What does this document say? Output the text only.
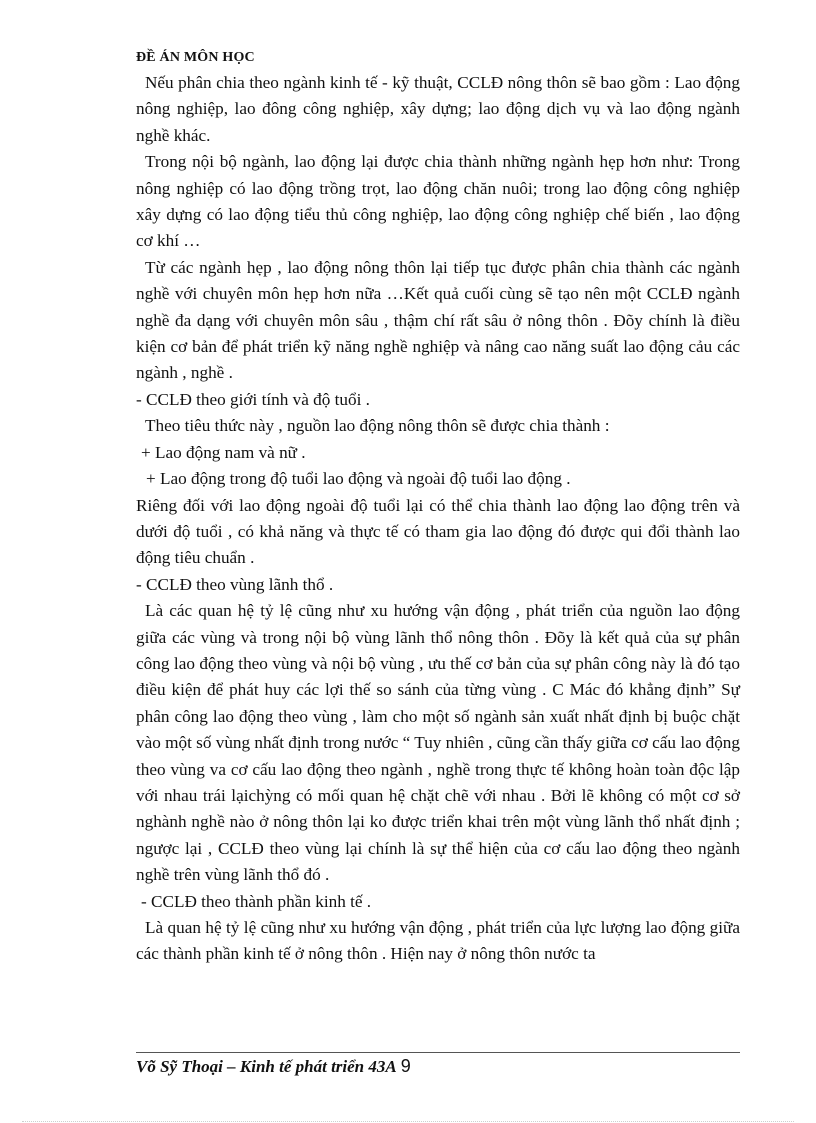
ĐỀ ÁN MÔN HỌC

Nếu phân chia theo ngành kinh tế - kỹ thuật, CCLĐ nông thôn sẽ bao gồm : Lao động nông nghiệp, lao đông công nghiệp, xây dựng; lao động dịch vụ và lao động ngành nghề khác.

Trong nội bộ ngành, lao động lại được chia thành những ngành hẹp hơn như: Trong nông nghiệp có lao động trồng trọt, lao động chăn nuôi; trong lao động công nghiệp xây dựng có lao động tiểu thủ công nghiệp, lao động công nghiệp chế biến , lao động cơ khí …

Từ các ngành hẹp , lao động nông thôn lại tiếp tục được phân chia thành các ngành nghề với chuyên môn hẹp hơn nữa …Kết quả cuối cùng sẽ tạo nên một CCLĐ ngành nghề đa dạng với chuyên môn sâu , thậm chí rất sâu ở nông thôn . Đõy chính là điều kiện cơ bản để phát triển kỹ năng nghề nghiệp và nâng cao năng suất lao động cảu các ngành , nghề .

- CCLĐ theo giới tính và độ tuổi .

Theo tiêu thức này , nguồn lao động nông thôn sẽ được chia thành :

+ Lao động nam và nữ .

+ Lao động trong độ tuổi lao động và ngoài độ tuổi lao động .

Riêng đối với lao động ngoài độ tuổi lại có thể chia thành lao động lao động trên và dưới độ tuổi , có khả năng và thực tế có tham gia lao động đó được qui đổi thành lao động tiêu chuẩn .

- CCLĐ theo vùng lãnh thổ .

Là các quan hệ tỷ lệ cũng như xu hướng vận động , phát triển của nguồn lao động giữa các vùng và trong nội bộ vùng lãnh thổ nông thôn . Đõy là kết quả của sự phân công lao động theo vùng và nội bộ vùng , ưu thế cơ bản của sự phân công này là đó tạo điều kiện để phát huy các lợi thế so sánh của từng vùng . C Mác đó khẳng định” Sự phân công lao động theo vùng , làm cho một số ngành sản xuất nhất định bị buộc chặt vào một số vùng nhất định trong nước “ Tuy nhiên , cũng cần thấy giữa cơ cấu lao động theo vùng va cơ cấu lao động theo ngành , nghề trong thực tế không hoàn toàn độc lập với nhau trái lạichỳng có mối quan hệ chặt chẽ với nhau . Bởi lẽ không có một cơ sở nghành nghề nào ở nông thôn lại ko được triển khai trên một vùng lãnh thổ nhất định ; ngược lại , CCLĐ theo vùng lại chính là sự thể hiện của cơ cấu lao động theo ngành nghề trên vùng lãnh thổ đó .

- CCLĐ theo thành phần kinh tế .

Là quan hệ tỷ lệ cũng như xu hướng vận động , phát triển của lực lượng lao động giữa các thành phần kinh tế ở nông thôn . Hiện nay ở nông thôn nước ta

Võ Sỹ Thoại – Kinh tế phát triển 43A 9
